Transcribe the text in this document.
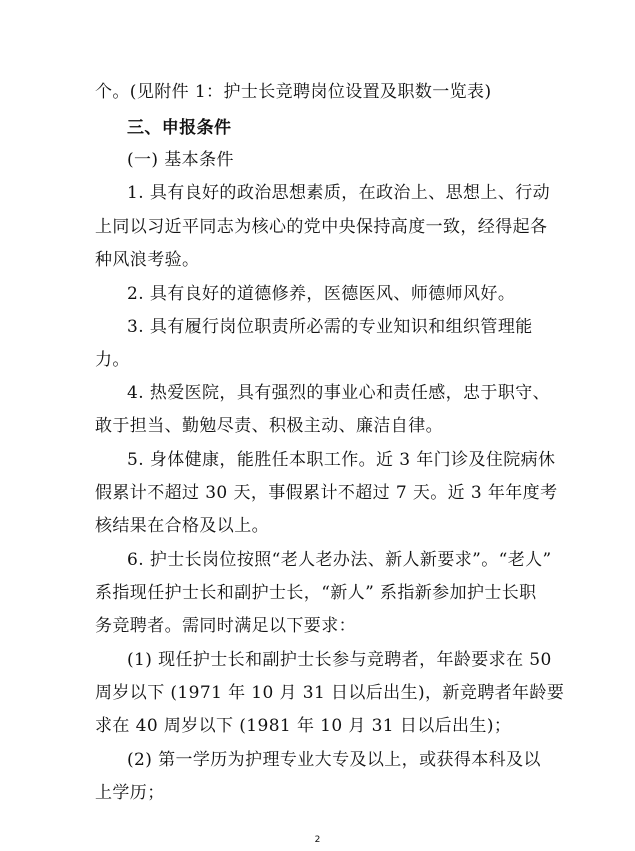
个。(见附件 1：护士长竞聘岗位设置及职数一览表)
三、申报条件
(一) 基本条件
1. 具有良好的政治思想素质，在政治上、思想上、行动
上同以习近平同志为核心的党中央保持高度一致，经得起各
种风浪考验。
2. 具有良好的道德修养，医德医风、师德师风好。
3. 具有履行岗位职责所必需的专业知识和组织管理能
力。
4. 热爱医院，具有强烈的事业心和责任感，忠于职守、
敢于担当、勤勉尽责、积极主动、廉洁自律。
5. 身体健康，能胜任本职工作。近 3 年门诊及住院病休
假累计不超过 30 天，事假累计不超过 7 天。近 3 年年度考
核结果在合格及以上。
6. 护士长岗位按照“老人老办法、新人新要求”。“老人”
系指现任护士长和副护士长，“新人” 系指新参加护士长职
务竞聘者。需同时满足以下要求：
(1) 现任护士长和副护士长参与竞聘者，年龄要求在 50
周岁以下 (1971 年 10 月 31 日以后出生)，新竞聘者年龄要
求在 40 周岁以下 (1981 年 10 月 31 日以后出生)；
(2) 第一学历为护理专业大专及以上，或获得本科及以
上学历；
2
